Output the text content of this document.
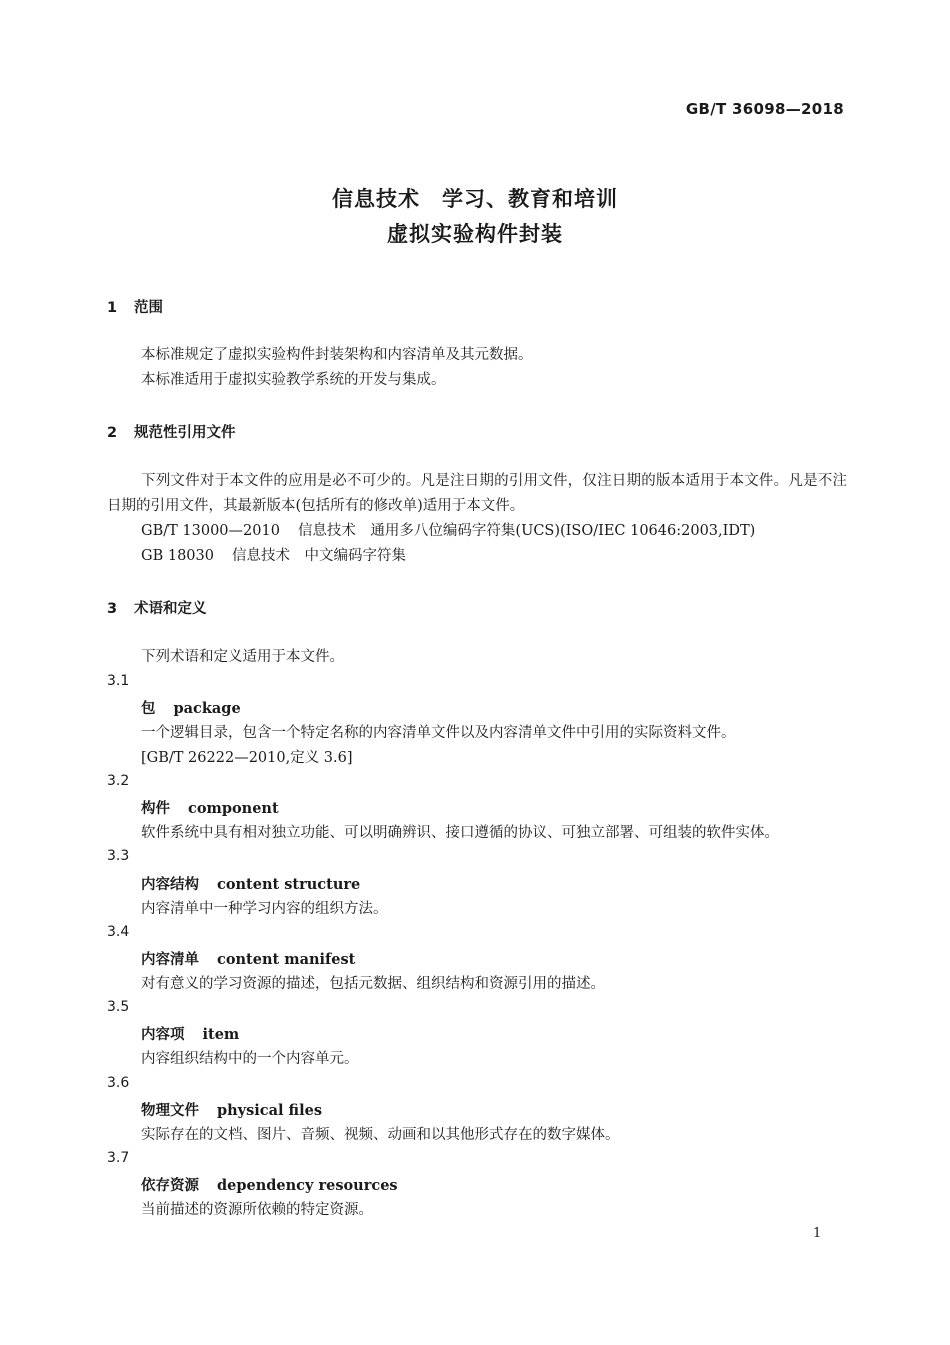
GB/T 36098—2018
信息技术　学习、教育和培训
虚拟实验构件封装
1 范围
本标准规定了虚拟实验构件封装架构和内容清单及其元数据。
本标准适用于虚拟实验教学系统的开发与集成。
2 规范性引用文件
下列文件对于本文件的应用是必不可少的。凡是注日期的引用文件，仅注日期的版本适用于本文件。凡是不注日期的引用文件，其最新版本(包括所有的修改单)适用于本文件。
GB/T 13000—2010 信息技术　通用多八位编码字符集(UCS)(ISO/IEC 10646:2003,IDT)
GB 18030 信息技术　中文编码字符集
3 术语和定义
下列术语和定义适用于本文件。
3.1
包 package
一个逻辑目录，包含一个特定名称的内容清单文件以及内容清单文件中引用的实际资料文件。
[GB/T 26222—2010,定义 3.6]
3.2
构件 component
软件系统中具有相对独立功能、可以明确辨识、接口遵循的协议、可独立部署、可组装的软件实体。
3.3
内容结构 content structure
内容清单中一种学习内容的组织方法。
3.4
内容清单 content manifest
对有意义的学习资源的描述，包括元数据、组织结构和资源引用的描述。
3.5
内容项 item
内容组织结构中的一个内容单元。
3.6
物理文件 physical files
实际存在的文档、图片、音频、视频、动画和以其他形式存在的数字媒体。
3.7
依存资源 dependency resources
当前描述的资源所依赖的特定资源。
1
